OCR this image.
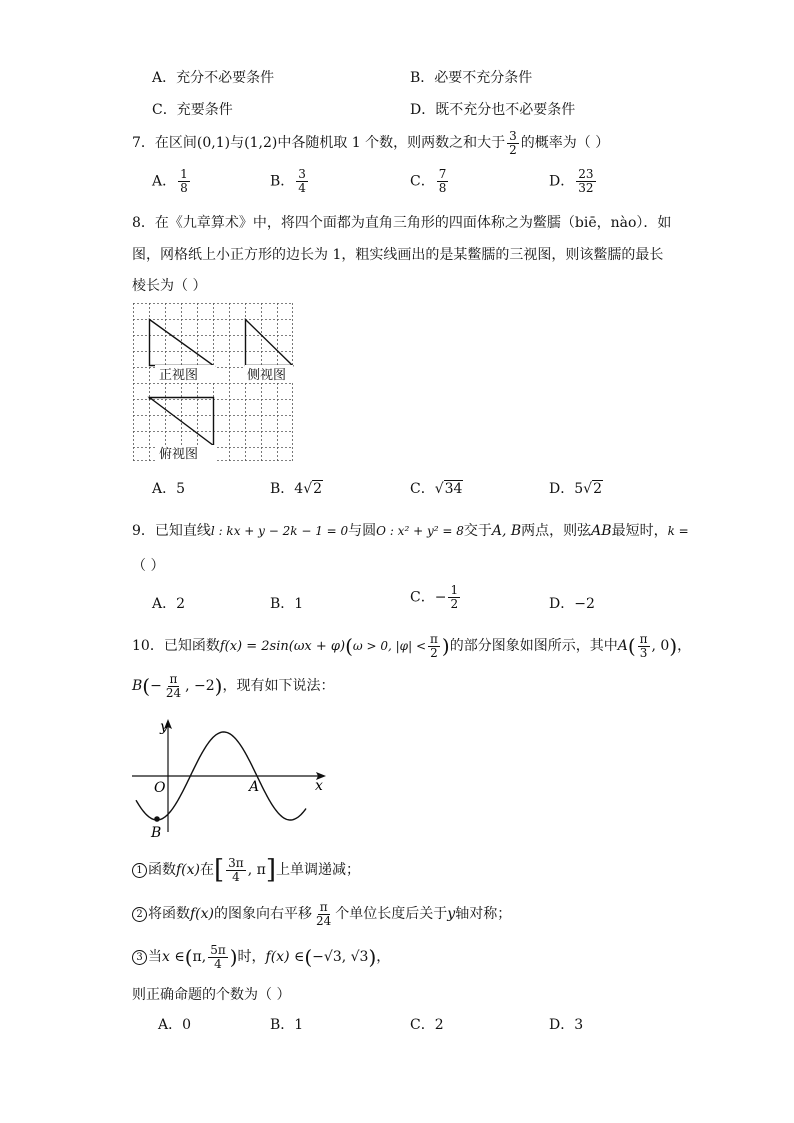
A．充分不必要条件	B．必要不充分条件
C．充要条件	D．既不充分也不必要条件
7．在区间(0,1)与(1,2)中各随机取 1 个数，则两数之和大于 $\frac{3}{2}$ 的概率为（ ）
A． $\frac{1}{8}$	B． $\frac{3}{4}$	C． $\frac{7}{8}$	D． $\frac{23}{32}$
8．在《九章算术》中，将四个面都为直角三角形的四面体称之为鳖臑（biē，nào）．如
图，网格纸上小正方形的边长为 1，粗实线画出的是某鳖臑的三视图，则该鳖臑的最长
棱长为（ ）
正视图	侧视图
俯视图
A．5	B．4√2	C．√34	D．5√2
9．已知直线l : kx + y − 2k − 1 = 0与圆O : x² + y² = 8交于A, B两点，则弦AB最短时，k =
（ ）
A．2	B．1	C．− $\frac{1}{2}$	D．−2
10．已知函数f(x) = 2sin(ωx + φ)(ω > 0, $|\varphi| < \frac{\pi}{2}$ )的部分图象如图所示，其中$A( \frac{\pi}{3}$ , 0)，
$B(- \frac{\pi}{24}$ , −2)，现有如下说法：
y
x
O	A
B
1 函数f(x)在[ $\frac{3\pi}{4}$ , π]上单调递减；
2 将函数f(x)的图象向右平移 $\frac{\pi}{24}$ 个单位长度后关于y轴对称；
3 当x ∈(π, $\frac{5\pi}{4}$ )时，f(x) ∈(−√3, √3)，
则正确命题的个数为（ ）
A．0	B．1	C．2	D．3
